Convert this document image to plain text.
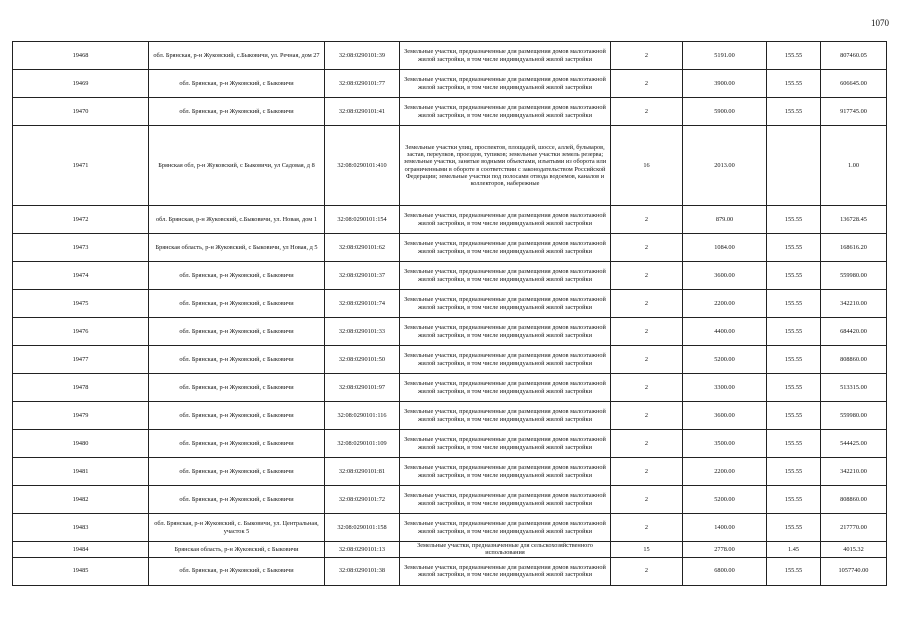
1070
19468	обл. Брянская, р-н Жуковский, с.Быковичи, ул. Речная, дом 27	32:08:0290101:39	Земельные участки, предназначенные для размещения домов малоэтажной жилой застройки, в том числе индивидуальной жилой застройки	2	5191.00	155.55	807460.05
19469	обл. Брянская, р-н Жуковский, с Быковичи	32:08:0290101:77	Земельные участки, предназначенные для размещения домов малоэтажной жилой застройки, в том числе индивидуальной жилой застройки	2	3900.00	155.55	606645.00
19470	обл. Брянская, р-н Жуковский, с Быковичи	32:08:0290101:41	Земельные участки, предназначенные для размещения домов малоэтажной жилой застройки, в том числе индивидуальной жилой застройки	2	5900.00	155.55	917745.00
19471	Брянская обл, р-н Жуковский, с Быковичи, ул Садовая, д 8	32:08:0290101:410	Земельные участки улиц, проспектов, площадей, шоссе, аллей, бульваров, застав, переулков, проездов, тупиков; земельные участки земель резерва; земельные участки, занятые водными объектами, изъятыми из оборота или ограниченными в обороте в соответствии с законодательством Российской Федерации; земельные участки под полосами отвода водоемов, каналов и коллекторов, набережные	16	2013.00		1.00
19472	обл. Брянская, р-н Жуковский, с.Быковичи, ул. Новая, дом 1	32:08:0290101:154	Земельные участки, предназначенные для размещения домов малоэтажной жилой застройки, в том числе индивидуальной жилой застройки	2	879.00	155.55	136728.45
19473	Брянская область, р-н Жуковский, с Быковичи, ул Новая, д 5	32:08:0290101:62	Земельные участки, предназначенные для размещения домов малоэтажной жилой застройки, в том числе индивидуальной жилой застройки	2	1084.00	155.55	168616.20
19474	обл. Брянская, р-н Жуковский, с Быковичи	32:08:0290101:37	Земельные участки, предназначенные для размещения домов малоэтажной жилой застройки, в том числе индивидуальной жилой застройки	2	3600.00	155.55	559980.00
19475	обл. Брянская, р-н Жуковский, с Быковичи	32:08:0290101:74	Земельные участки, предназначенные для размещения домов малоэтажной жилой застройки, в том числе индивидуальной жилой застройки	2	2200.00	155.55	342210.00
19476	обл. Брянская, р-н Жуковский, с Быковичи	32:08:0290101:33	Земельные участки, предназначенные для размещения домов малоэтажной жилой застройки, в том числе индивидуальной жилой застройки	2	4400.00	155.55	684420.00
19477	обл. Брянская, р-н Жуковский, с Быковичи	32:08:0290101:50	Земельные участки, предназначенные для размещения домов малоэтажной жилой застройки, в том числе индивидуальной жилой застройки	2	5200.00	155.55	808860.00
19478	обл. Брянская, р-н Жуковский, с Быковичи	32:08:0290101:97	Земельные участки, предназначенные для размещения домов малоэтажной жилой застройки, в том числе индивидуальной жилой застройки	2	3300.00	155.55	513315.00
19479	обл. Брянская, р-н Жуковский, с Быковичи	32:08:0290101:116	Земельные участки, предназначенные для размещения домов малоэтажной жилой застройки, в том числе индивидуальной жилой застройки	2	3600.00	155.55	559980.00
19480	обл. Брянская, р-н Жуковский, с Быковичи	32:08:0290101:109	Земельные участки, предназначенные для размещения домов малоэтажной жилой застройки, в том числе индивидуальной жилой застройки	2	3500.00	155.55	544425.00
19481	обл. Брянская, р-н Жуковский, с Быковичи	32:08:0290101:81	Земельные участки, предназначенные для размещения домов малоэтажной жилой застройки, в том числе индивидуальной жилой застройки	2	2200.00	155.55	342210.00
19482	обл. Брянская, р-н Жуковский, с Быковичи	32:08:0290101:72	Земельные участки, предназначенные для размещения домов малоэтажной жилой застройки, в том числе индивидуальной жилой застройки	2	5200.00	155.55	808860.00
19483	обл. Брянская, р-н Жуковский, с. Быковичи, ул. Центральная, участок 5	32:08:0290101:158	Земельные участки, предназначенные для размещения домов малоэтажной жилой застройки, в том числе индивидуальной жилой застройки	2	1400.00	155.55	217770.00
19484	Брянская область, р-н Жуковский, с Быковичи	32:08:0290101:13	Земельные участки, предназначенные для сельскохозяйственного использования	15	2778.00	1.45	4015.32
19485	обл. Брянская, р-н Жуковский, с Быковичи	32:08:0290101:38	Земельные участки, предназначенные для размещения домов малоэтажной жилой застройки, в том числе индивидуальной жилой застройки	2	6800.00	155.55	1057740.00
